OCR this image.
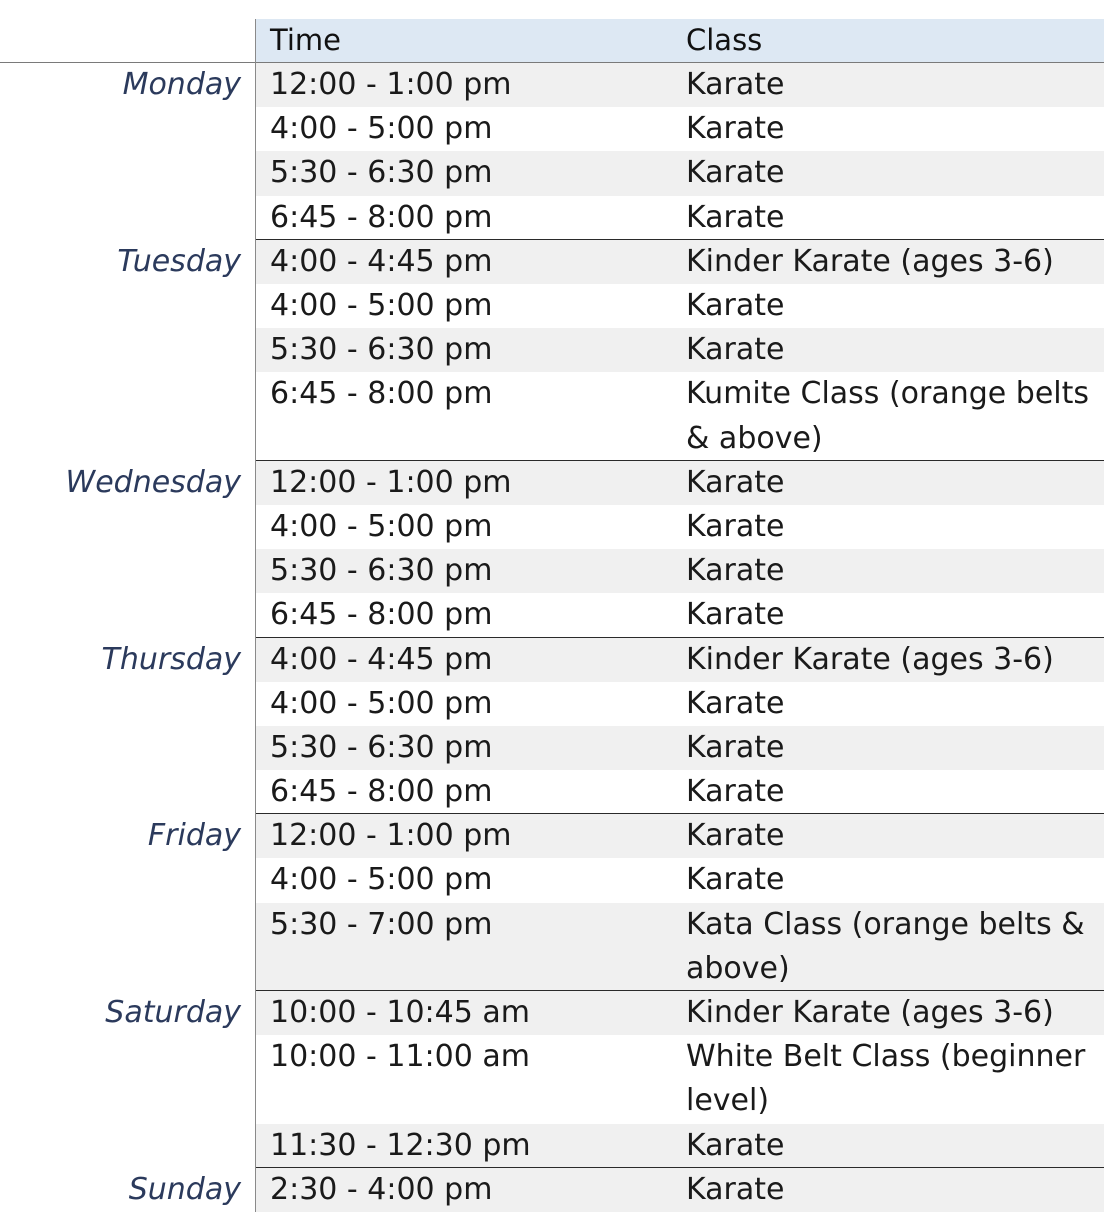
Time	Class
Monday 12:00 - 1:00 pm	Karate
4:00 - 5:00 pm	Karate
5:30 - 6:30 pm	Karate
6:45 - 8:00 pm	Karate
Tuesday 4:00 - 4:45 pm	Kinder Karate (ages 3-6)
4:00 - 5:00 pm	Karate
5:30 - 6:30 pm	Karate
6:45 - 8:00 pm	Kumite Class (orange belts & above)
Wednesday 12:00 - 1:00 pm	Karate
4:00 - 5:00 pm	Karate
5:30 - 6:30 pm	Karate
6:45 - 8:00 pm	Karate
Thursday 4:00 - 4:45 pm	Kinder Karate (ages 3-6)
4:00 - 5:00 pm	Karate
5:30 - 6:30 pm	Karate
6:45 - 8:00 pm	Karate
Friday 12:00 - 1:00 pm	Karate
4:00 - 5:00 pm	Karate
5:30 - 7:00 pm	Kata Class (orange belts & above)
Saturday 10:00 - 10:45 am	Kinder Karate (ages 3-6)
10:00 - 11:00 am	White Belt Class (beginner level)
11:30 - 12:30 pm	Karate
Sunday 2:30 - 4:00 pm	Karate
